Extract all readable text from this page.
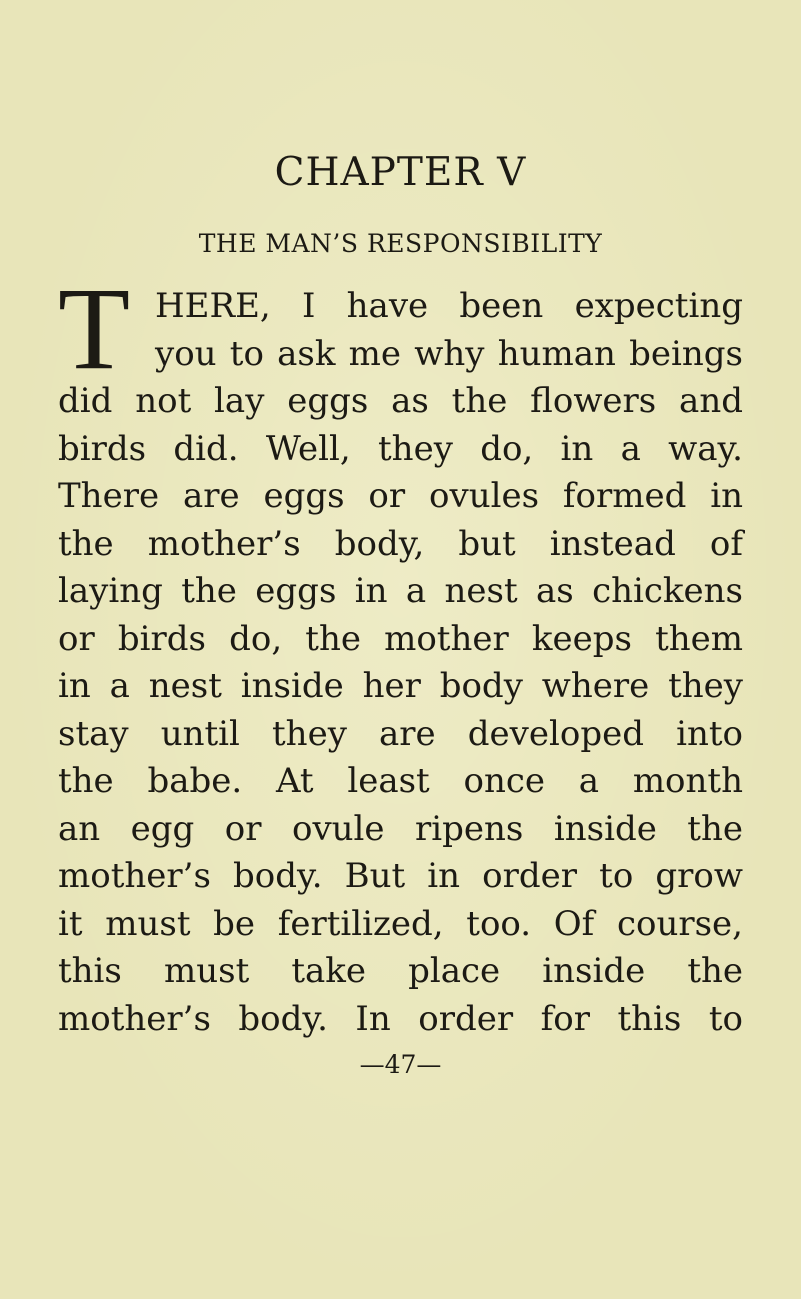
CHAPTER V
THE MAN’S RESPONSIBILITY
T HERE, I have been expecting
you to ask me why human beings
did not lay eggs as the flowers and
birds did. Well, they do, in a way.
There are eggs or ovules formed in
the mother’s body, but instead of
laying the eggs in a nest as chickens
or birds do, the mother keeps them
in a nest inside her body where they
stay until they are developed into
the babe. At least once a month
an egg or ovule ripens inside the
mother’s body. But in order to grow
it must be fertilized, too. Of course,
this must take place inside the
mother’s body. In order for this to
—47—
